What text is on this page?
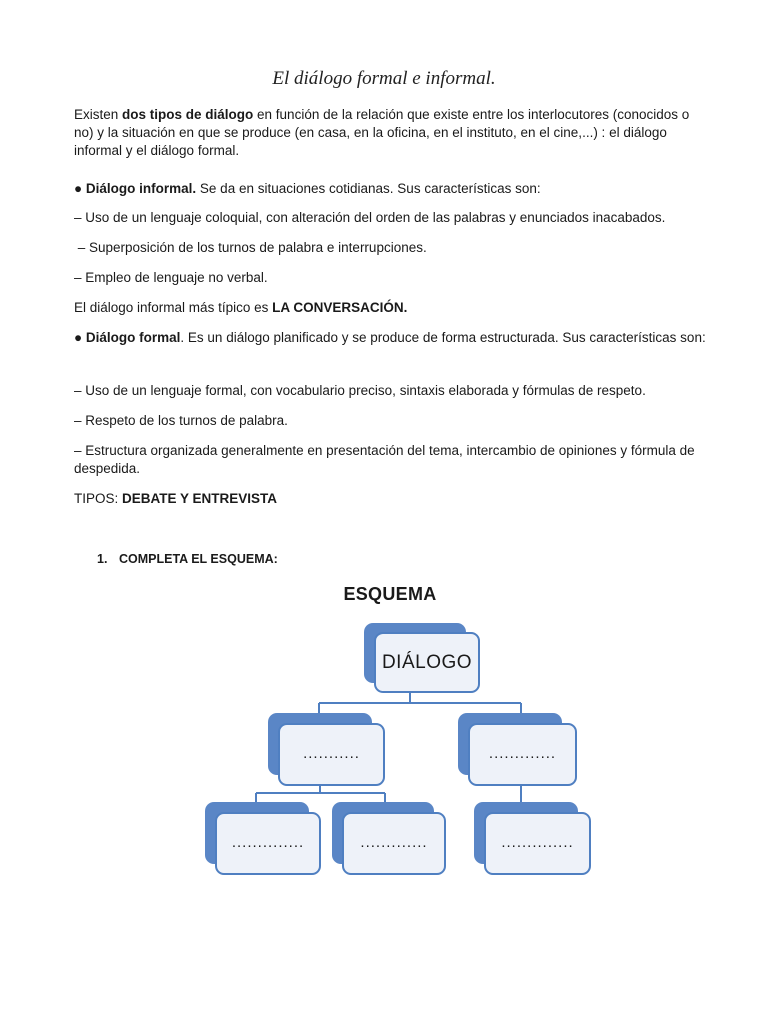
El diálogo formal e informal.
Existen dos tipos de diálogo en función de la relación que existe entre los interlocutores (conocidos o no) y la situación en que se produce (en casa, en la oficina, en el instituto, en el cine,...) : el diálogo informal y el diálogo formal.
● Diálogo informal. Se da en situaciones cotidianas. Sus características son:
– Uso de un lenguaje coloquial, con alteración del orden de las palabras y enunciados inacabados.
– Superposición de los turnos de palabra e interrupciones.
– Empleo de lenguaje no verbal.
El diálogo informal más típico es LA CONVERSACIÓN.
● Diálogo formal. Es un diálogo planificado y se produce de forma estructurada. Sus características son:
– Uso de un lenguaje formal, con vocabulario preciso, sintaxis elaborada y fórmulas de respeto.
– Respeto de los turnos de palabra.
– Estructura organizada generalmente en presentación del tema, intercambio de opiniones y fórmula de despedida.
TIPOS: DEBATE Y ENTREVISTA
1. COMPLETA EL ESQUEMA:
ESQUEMA
DIÁLOGO
...........	.............
..............	.............	..............
